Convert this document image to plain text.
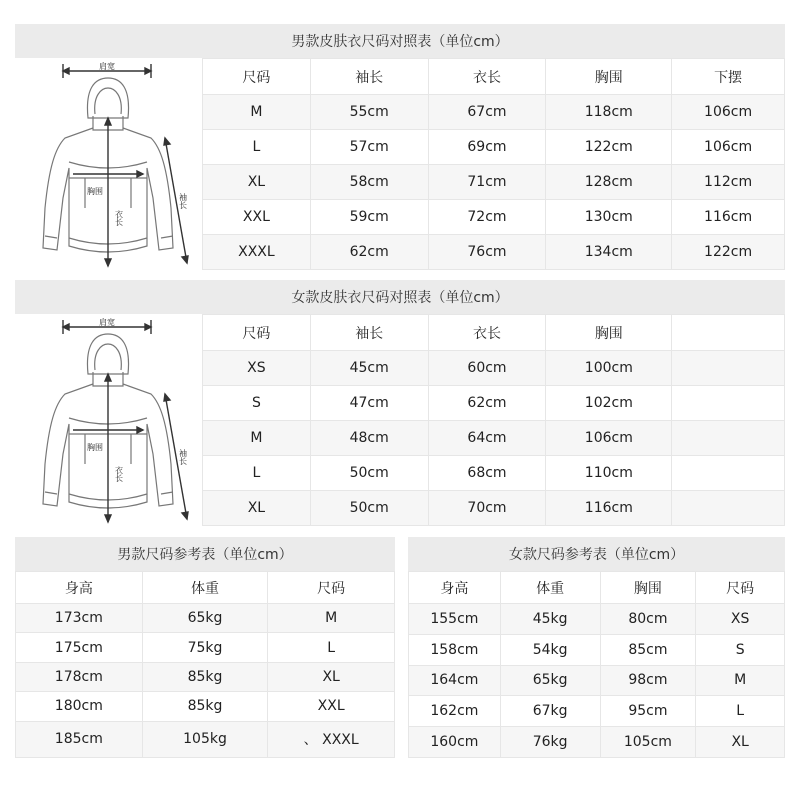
男款皮肤衣尺码对照表（单位cm）
肩宽
胸围
衣长
袖长
尺码	袖长	衣长	胸围	下摆
M	55cm	67cm	118cm	106cm
L	57cm	69cm	122cm	106cm
XL	58cm	71cm	128cm	112cm
XXL	59cm	72cm	130cm	116cm
XXXL	62cm	76cm	134cm	122cm
女款皮肤衣尺码对照表（单位cm）
肩宽
胸围
衣长
袖长
尺码	袖长	衣长	胸围	
XS	45cm	60cm	100cm	
S	47cm	62cm	102cm	
M	48cm	64cm	106cm	
L	50cm	68cm	110cm	
XL	50cm	70cm	116cm	
男款尺码参考表（单位cm）
身高	体重	尺码
173cm	65kg	M
175cm	75kg	L
178cm	85kg	XL
180cm	85kg	XXL
185cm	105kg	、 XXXL
女款尺码参考表（单位cm）
身高	体重	胸围	尺码
155cm	45kg	80cm	XS
158cm	54kg	85cm	S
164cm	65kg	98cm	M
162cm	67kg	95cm	L
160cm	76kg	105cm	XL
